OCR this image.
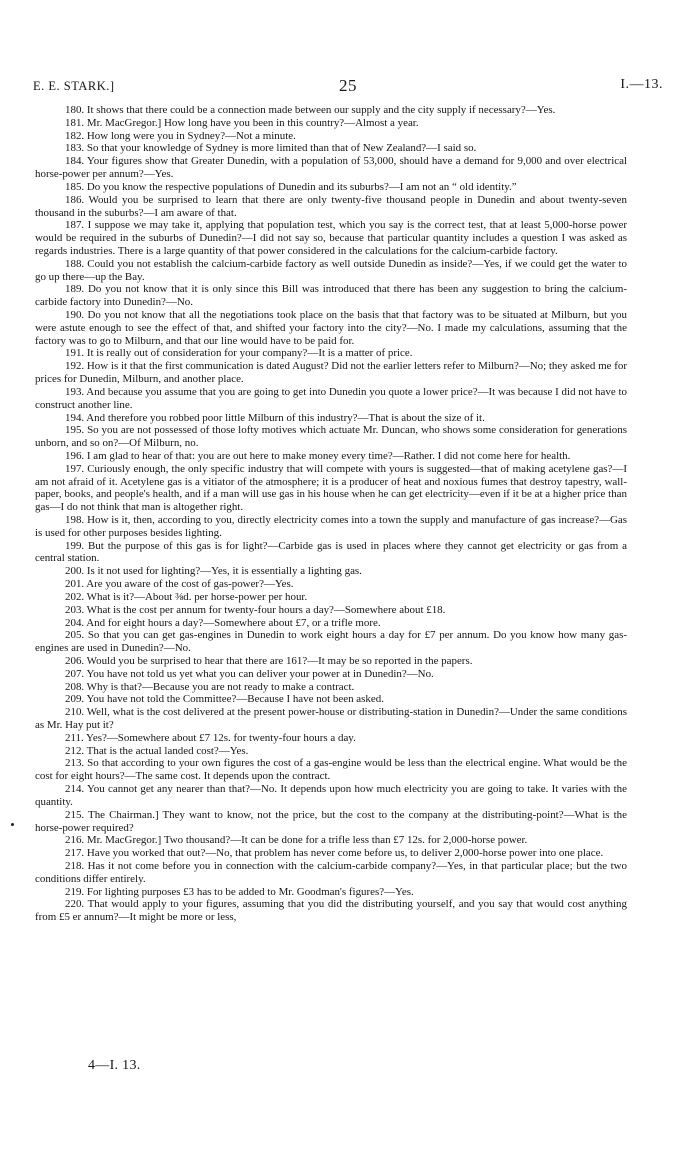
E. E. STARK.]	25	I.—13.

180. It shows that there could be a connection made between our supply and the city supply if necessary?—Yes.

181. Mr. MacGregor.] How long have you been in this country?—Almost a year.

182. How long were you in Sydney?—Not a minute.

183. So that your knowledge of Sydney is more limited than that of New Zealand?—I said so.

184. Your figures show that Greater Dunedin, with a population of 53,000, should have a demand for 9,000 and over electrical horse-power per annum?—Yes.

185. Do you know the respective populations of Dunedin and its suburbs?—I am not an “ old identity.”

186. Would you be surprised to learn that there are only twenty-five thousand people in Dunedin and about twenty-seven thousand in the suburbs?—I am aware of that.

187. I suppose we may take it, applying that population test, which you say is the correct test, that at least 5,000-horse power would be required in the suburbs of Dunedin?—I did not say so, because that particular quantity includes a question I was asked as regards industries. There is a large quantity of that power considered in the calculations for the calcium-carbide factory.

188. Could you not establish the calcium-carbide factory as well outside Dunedin as inside?—Yes, if we could get the water to go up there—up the Bay.

189. Do you not know that it is only since this Bill was introduced that there has been any suggestion to bring the calcium-carbide factory into Dunedin?—No.

190. Do you not know that all the negotiations took place on the basis that that factory was to be situated at Milburn, but you were astute enough to see the effect of that, and shifted your factory into the city?—No. I made my calculations, assuming that the factory was to go to Milburn, and that our line would have to be paid for.

191. It is really out of consideration for your company?—It is a matter of price.

192. How is it that the first communication is dated August? Did not the earlier letters refer to Milburn?—No; they asked me for prices for Dunedin, Milburn, and another place.

193. And because you assume that you are going to get into Dunedin you quote a lower price?—It was because I did not have to construct another line.

194. And therefore you robbed poor little Milburn of this industry?—That is about the size of it.

195. So you are not possessed of those lofty motives which actuate Mr. Duncan, who shows some consideration for generations unborn, and so on?—Of Milburn, no.

196. I am glad to hear of that: you are out here to make money every time?—Rather. I did not come here for health.

197. Curiously enough, the only specific industry that will compete with yours is suggested—that of making acetylene gas?—I am not afraid of it. Acetylene gas is a vitiator of the atmosphere; it is a producer of heat and noxious fumes that destroy tapestry, wall-paper, books, and people's health, and if a man will use gas in his house when he can get electricity—even if it be at a higher price than gas—I do not think that man is altogether right.

198. How is it, then, according to you, directly electricity comes into a town the supply and manufacture of gas increase?—Gas is used for other purposes besides lighting.

199. But the purpose of this gas is for light?—Carbide gas is used in places where they cannot get electricity or gas from a central station.

200. Is it not used for lighting?—Yes, it is essentially a lighting gas.

201. Are you aware of the cost of gas-power?—Yes.

202. What is it?—About ⅜d. per horse-power per hour.

203. What is the cost per annum for twenty-four hours a day?—Somewhere about £18.

204. And for eight hours a day?—Somewhere about £7, or a trifle more.

205. So that you can get gas-engines in Dunedin to work eight hours a day for £7 per annum. Do you know how many gas-engines are used in Dunedin?—No.

206. Would you be surprised to hear that there are 161?—It may be so reported in the papers.

207. You have not told us yet what you can deliver your power at in Dunedin?—No.

208. Why is that?—Because you are not ready to make a contract.

209. You have not told the Committee?—Because I have not been asked.

210. Well, what is the cost delivered at the present power-house or distributing-station in Dunedin?—Under the same conditions as Mr. Hay put it?

211. Yes?—Somewhere about £7 12s. for twenty-four hours a day.

212. That is the actual landed cost?—Yes.

213. So that according to your own figures the cost of a gas-engine would be less than the electrical engine. What would be the cost for eight hours?—The same cost. It depends upon the contract.

214. You cannot get any nearer than that?—No. It depends upon how much electricity you are going to take. It varies with the quantity.

215. The Chairman.] They want to know, not the price, but the cost to the company at the distributing-point?—What is the horse-power required?

216. Mr. MacGregor.] Two thousand?—It can be done for a trifle less than £7 12s. for 2,000-horse power.

217. Have you worked that out?—No, that problem has never come before us, to deliver 2,000-horse power into one place.

218. Has it not come before you in connection with the calcium-carbide company?—Yes, in that particular place; but the two conditions differ entirely.

219. For lighting purposes £3 has to be added to Mr. Goodman's figures?—Yes.

220. That would apply to your figures, assuming that you did the distributing yourself, and you say that would cost anything from £5 er annum?—It might be more or less,

4—I. 13.
